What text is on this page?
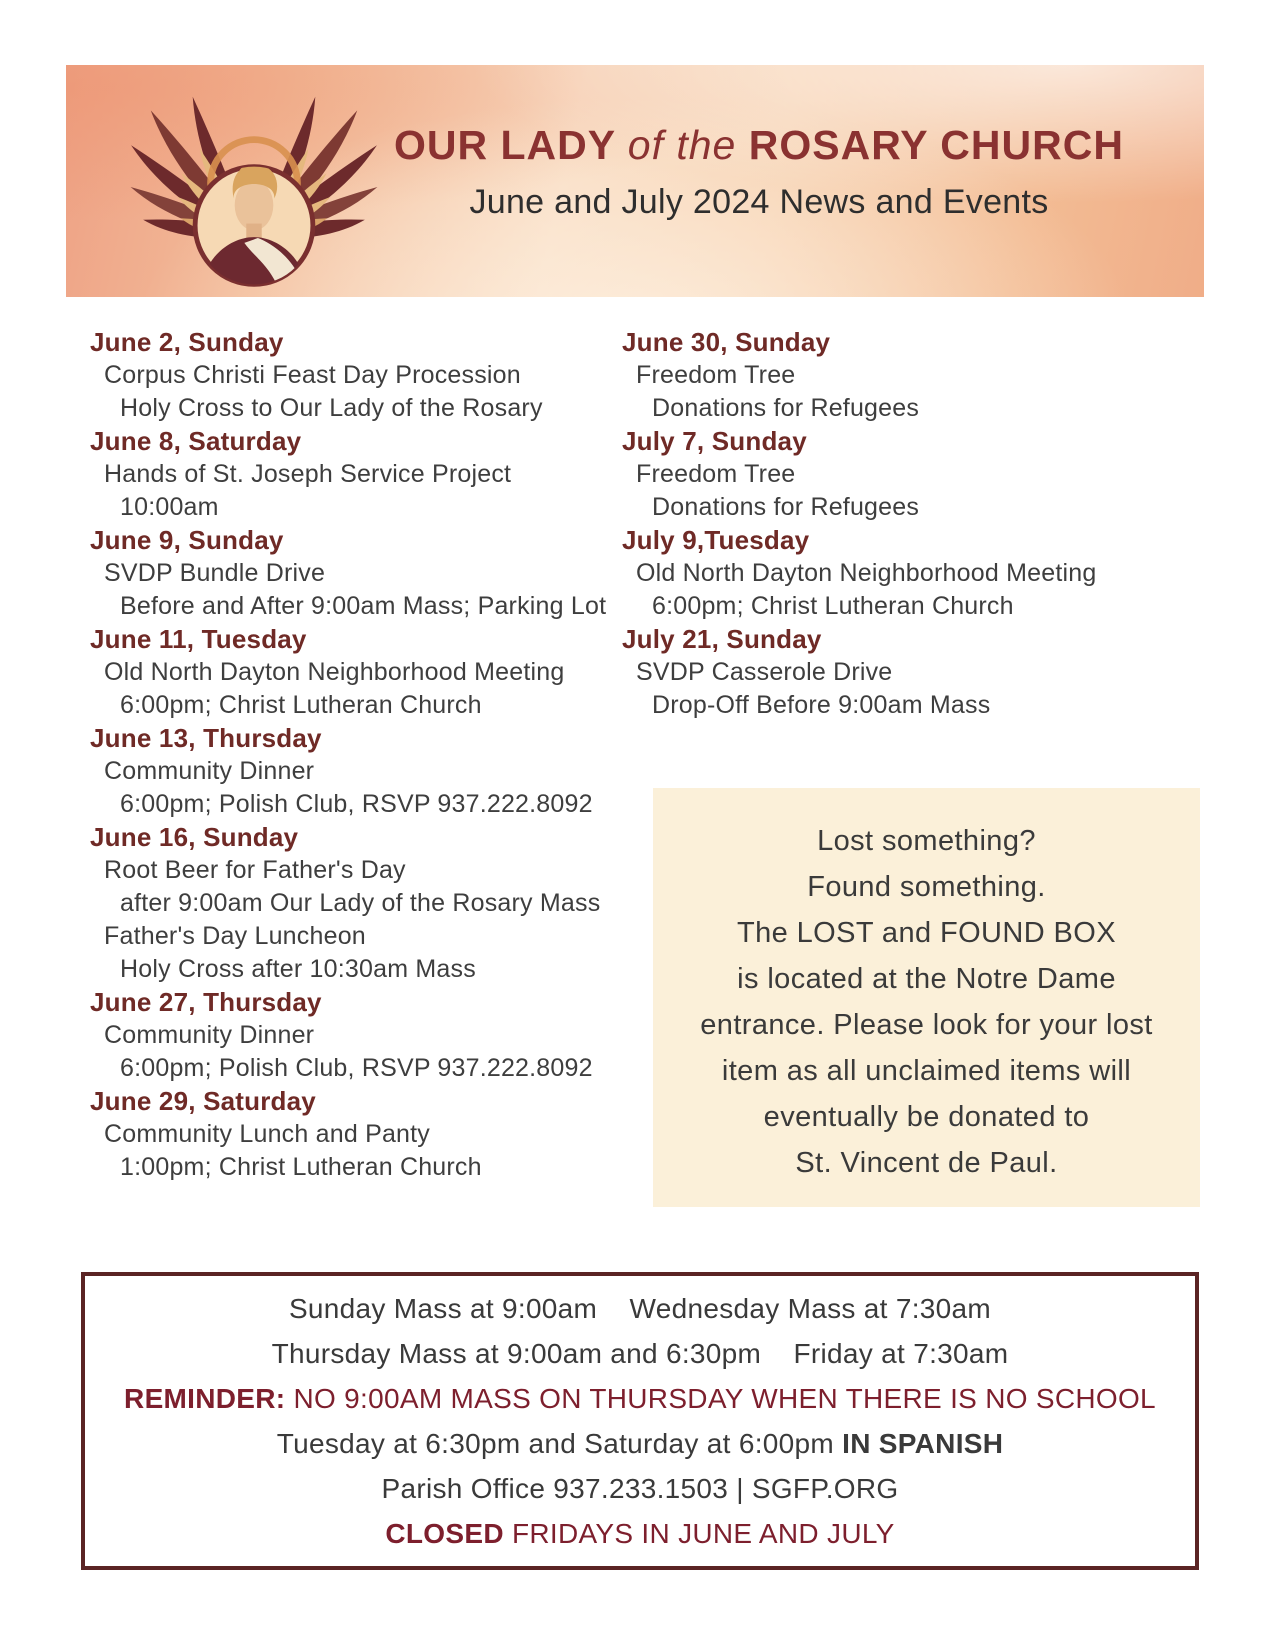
OUR LADY of the ROSARY CHURCH
June and July 2024 News and Events
June 2, Sunday
Corpus Christi Feast Day Procession
Holy Cross to Our Lady of the Rosary
June 8, Saturday
Hands of St. Joseph Service Project
10:00am
June 9, Sunday
SVDP Bundle Drive
Before and After 9:00am Mass; Parking Lot
June 11, Tuesday
Old North Dayton Neighborhood Meeting
6:00pm; Christ Lutheran Church
June 13, Thursday
Community Dinner
6:00pm; Polish Club, RSVP 937.222.8092
June 16, Sunday
Root Beer for Father's Day
after 9:00am Our Lady of the Rosary Mass
Father's Day Luncheon
Holy Cross after 10:30am Mass
June 27, Thursday
Community Dinner
6:00pm; Polish Club, RSVP 937.222.8092
June 29, Saturday
Community Lunch and Panty
1:00pm; Christ Lutheran Church
June 30, Sunday
Freedom Tree
Donations for Refugees
July 7, Sunday
Freedom Tree
Donations for Refugees
July 9,Tuesday
Old North Dayton Neighborhood Meeting
6:00pm; Christ Lutheran Church
July 21, Sunday
SVDP Casserole Drive
Drop-Off Before 9:00am Mass
Lost something?
Found something.
The LOST and FOUND BOX
is located at the Notre Dame
entrance. Please look for your lost
item as all unclaimed items will
eventually be donated to
St. Vincent de Paul.
Sunday Mass at 9:00am    Wednesday Mass at 7:30am
Thursday Mass at 9:00am and 6:30pm    Friday at 7:30am
REMINDER: NO 9:00AM MASS ON THURSDAY WHEN THERE IS NO SCHOOL
Tuesday at 6:30pm and Saturday at 6:00pm IN SPANISH
Parish Office 937.233.1503 | SGFP.ORG
CLOSED FRIDAYS IN JUNE AND JULY
